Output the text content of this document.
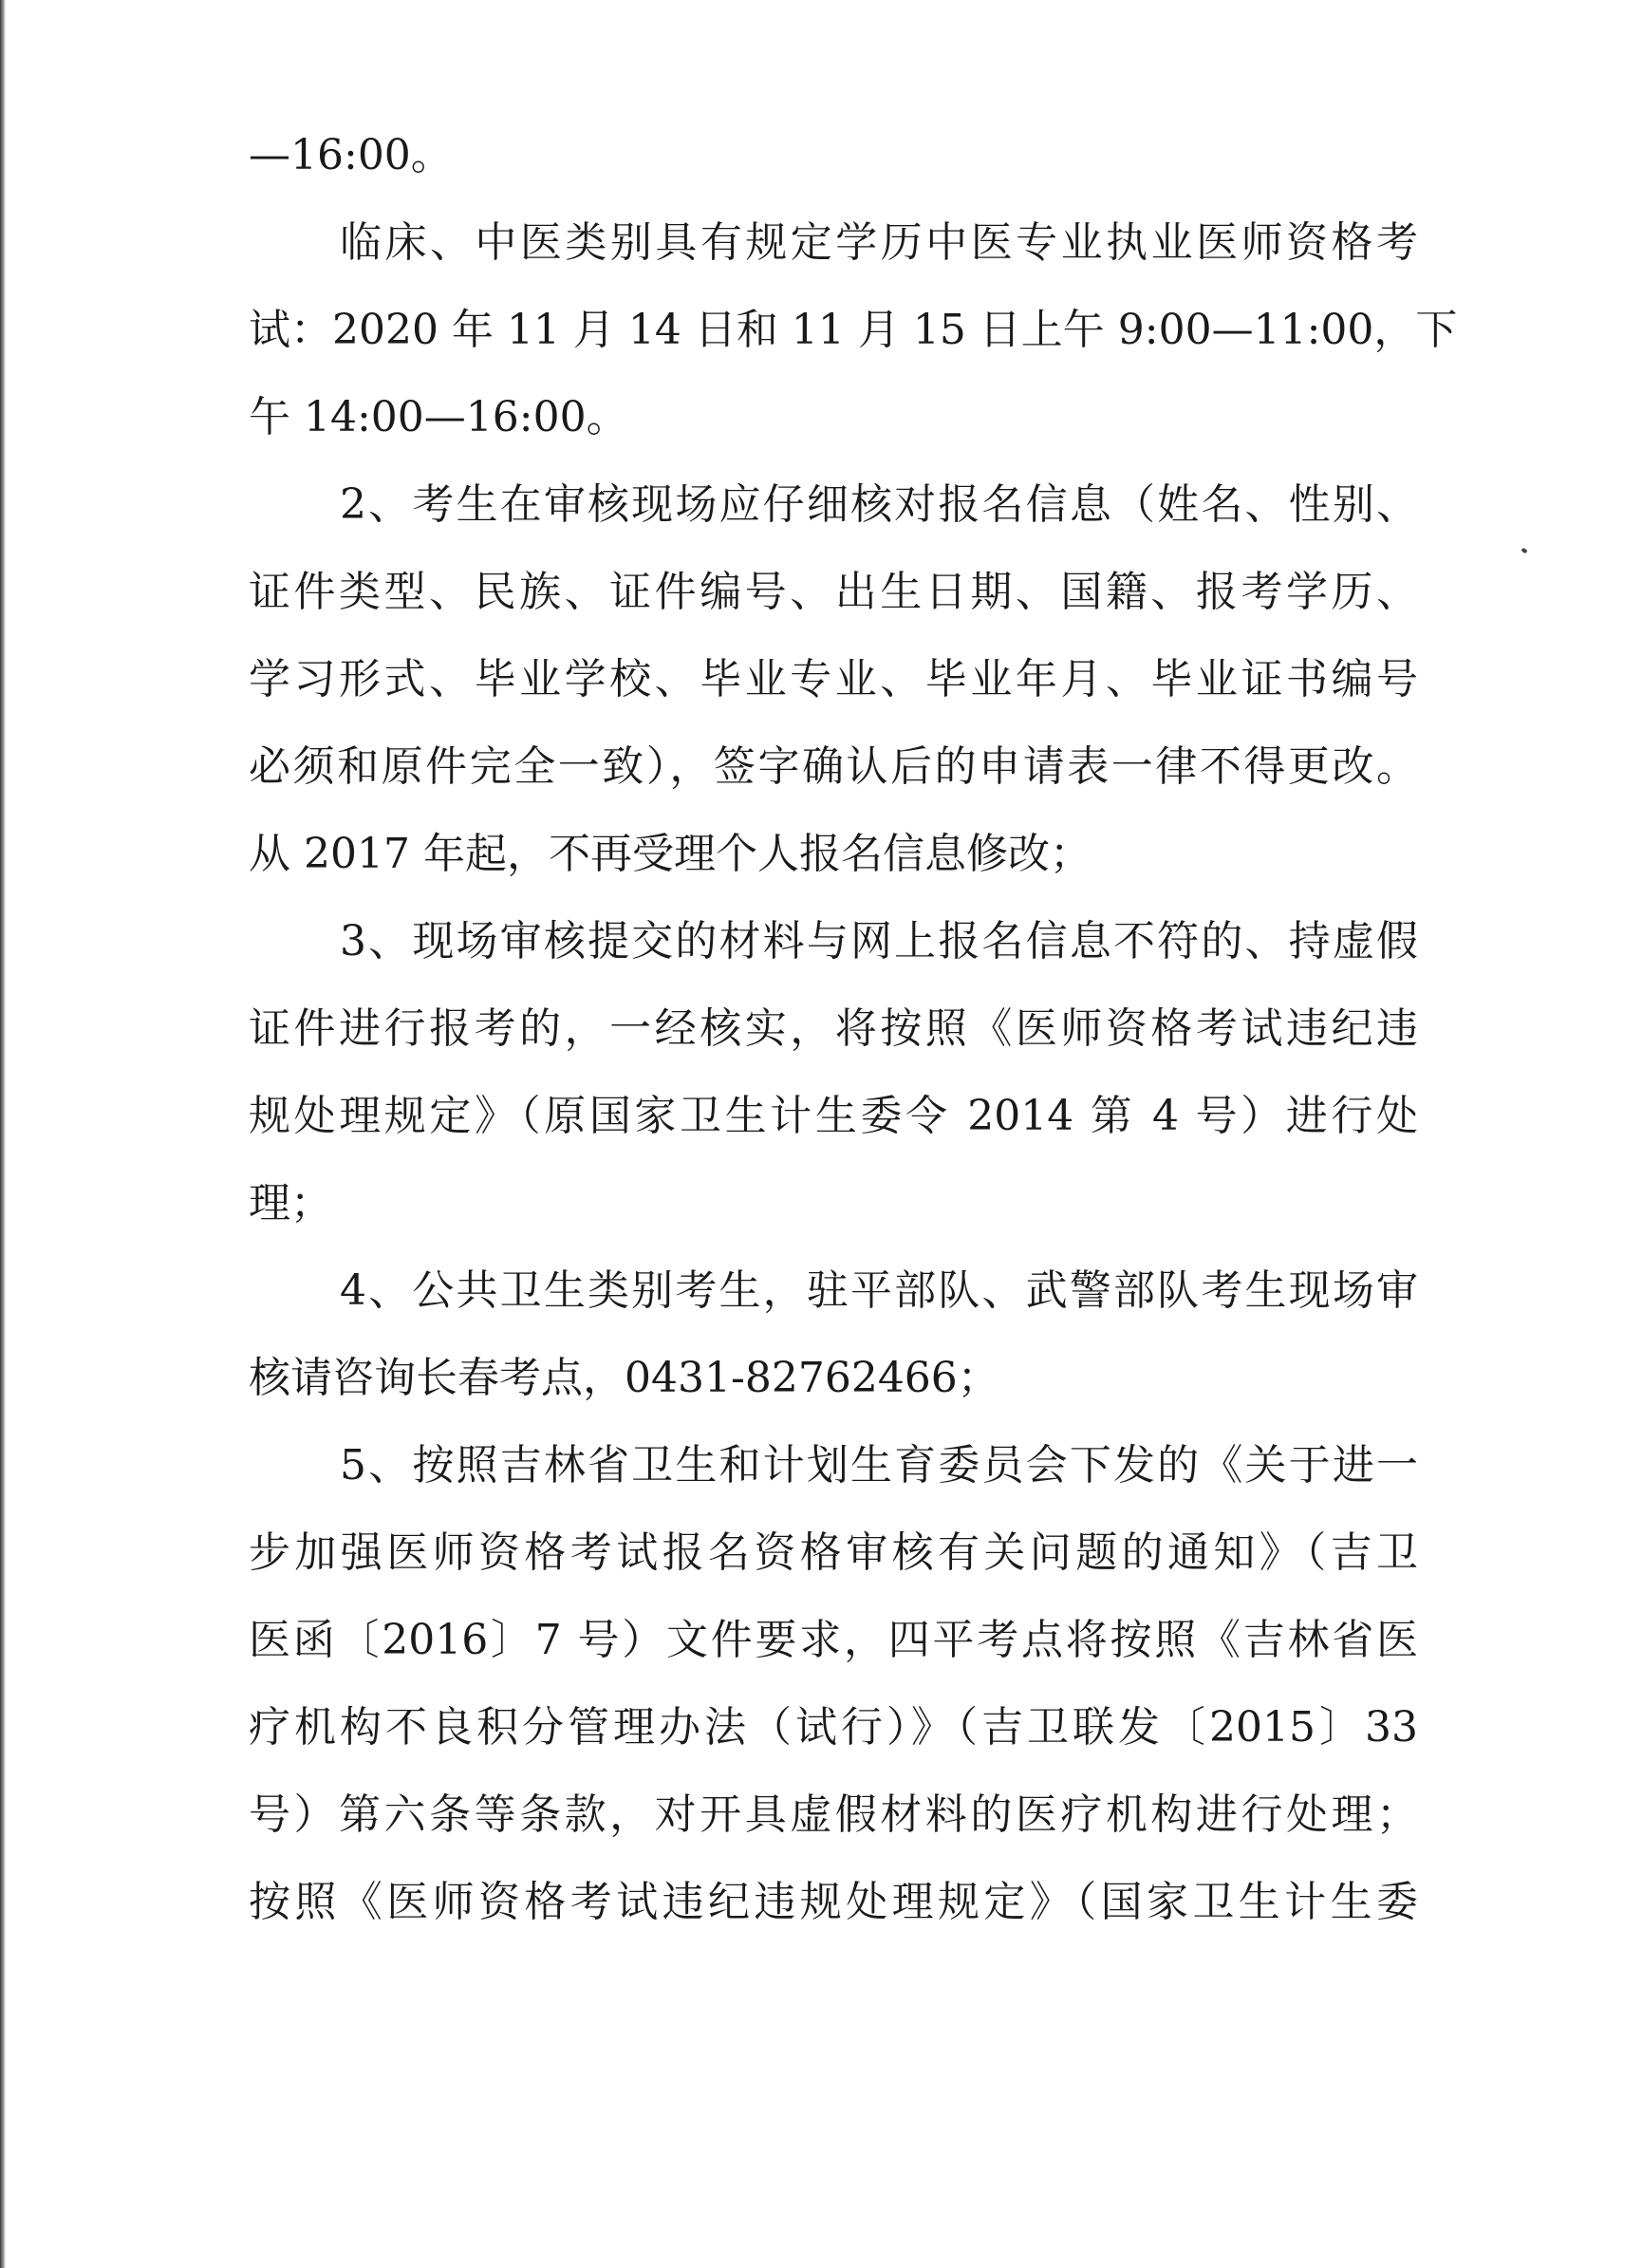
—16:00。
临床、中医类别具有规定学历中医专业执业医师资格考
试：2020 年 11 月 14 日和 11 月 15 日上午 9:00—11:00，下
午 14:00—16:00。
2、考生在审核现场应仔细核对报名信息（姓名、性别、
证件类型、民族、证件编号、出生日期、国籍、报考学历、
学习形式、毕业学校、毕业专业、毕业年月、毕业证书编号
必须和原件完全一致），签字确认后的申请表一律不得更改。
从 2017 年起，不再受理个人报名信息修改；
3、现场审核提交的材料与网上报名信息不符的、持虚假
证件进行报考的，一经核实，将按照《医师资格考试违纪违
规处理规定》（原国家卫生计生委令 2014 第 4 号）进行处
理；
4、公共卫生类别考生，驻平部队、武警部队考生现场审
核请咨询长春考点，0431-82762466；
5、按照吉林省卫生和计划生育委员会下发的《关于进一
步加强医师资格考试报名资格审核有关问题的通知》（吉卫
医函〔2016〕7 号）文件要求，四平考点将按照《吉林省医
疗机构不良积分管理办法（试行）》（吉卫联发〔2015〕33
号）第六条等条款，对开具虚假材料的医疗机构进行处理；
按照《医师资格考试违纪违规处理规定》（国家卫生计生委
